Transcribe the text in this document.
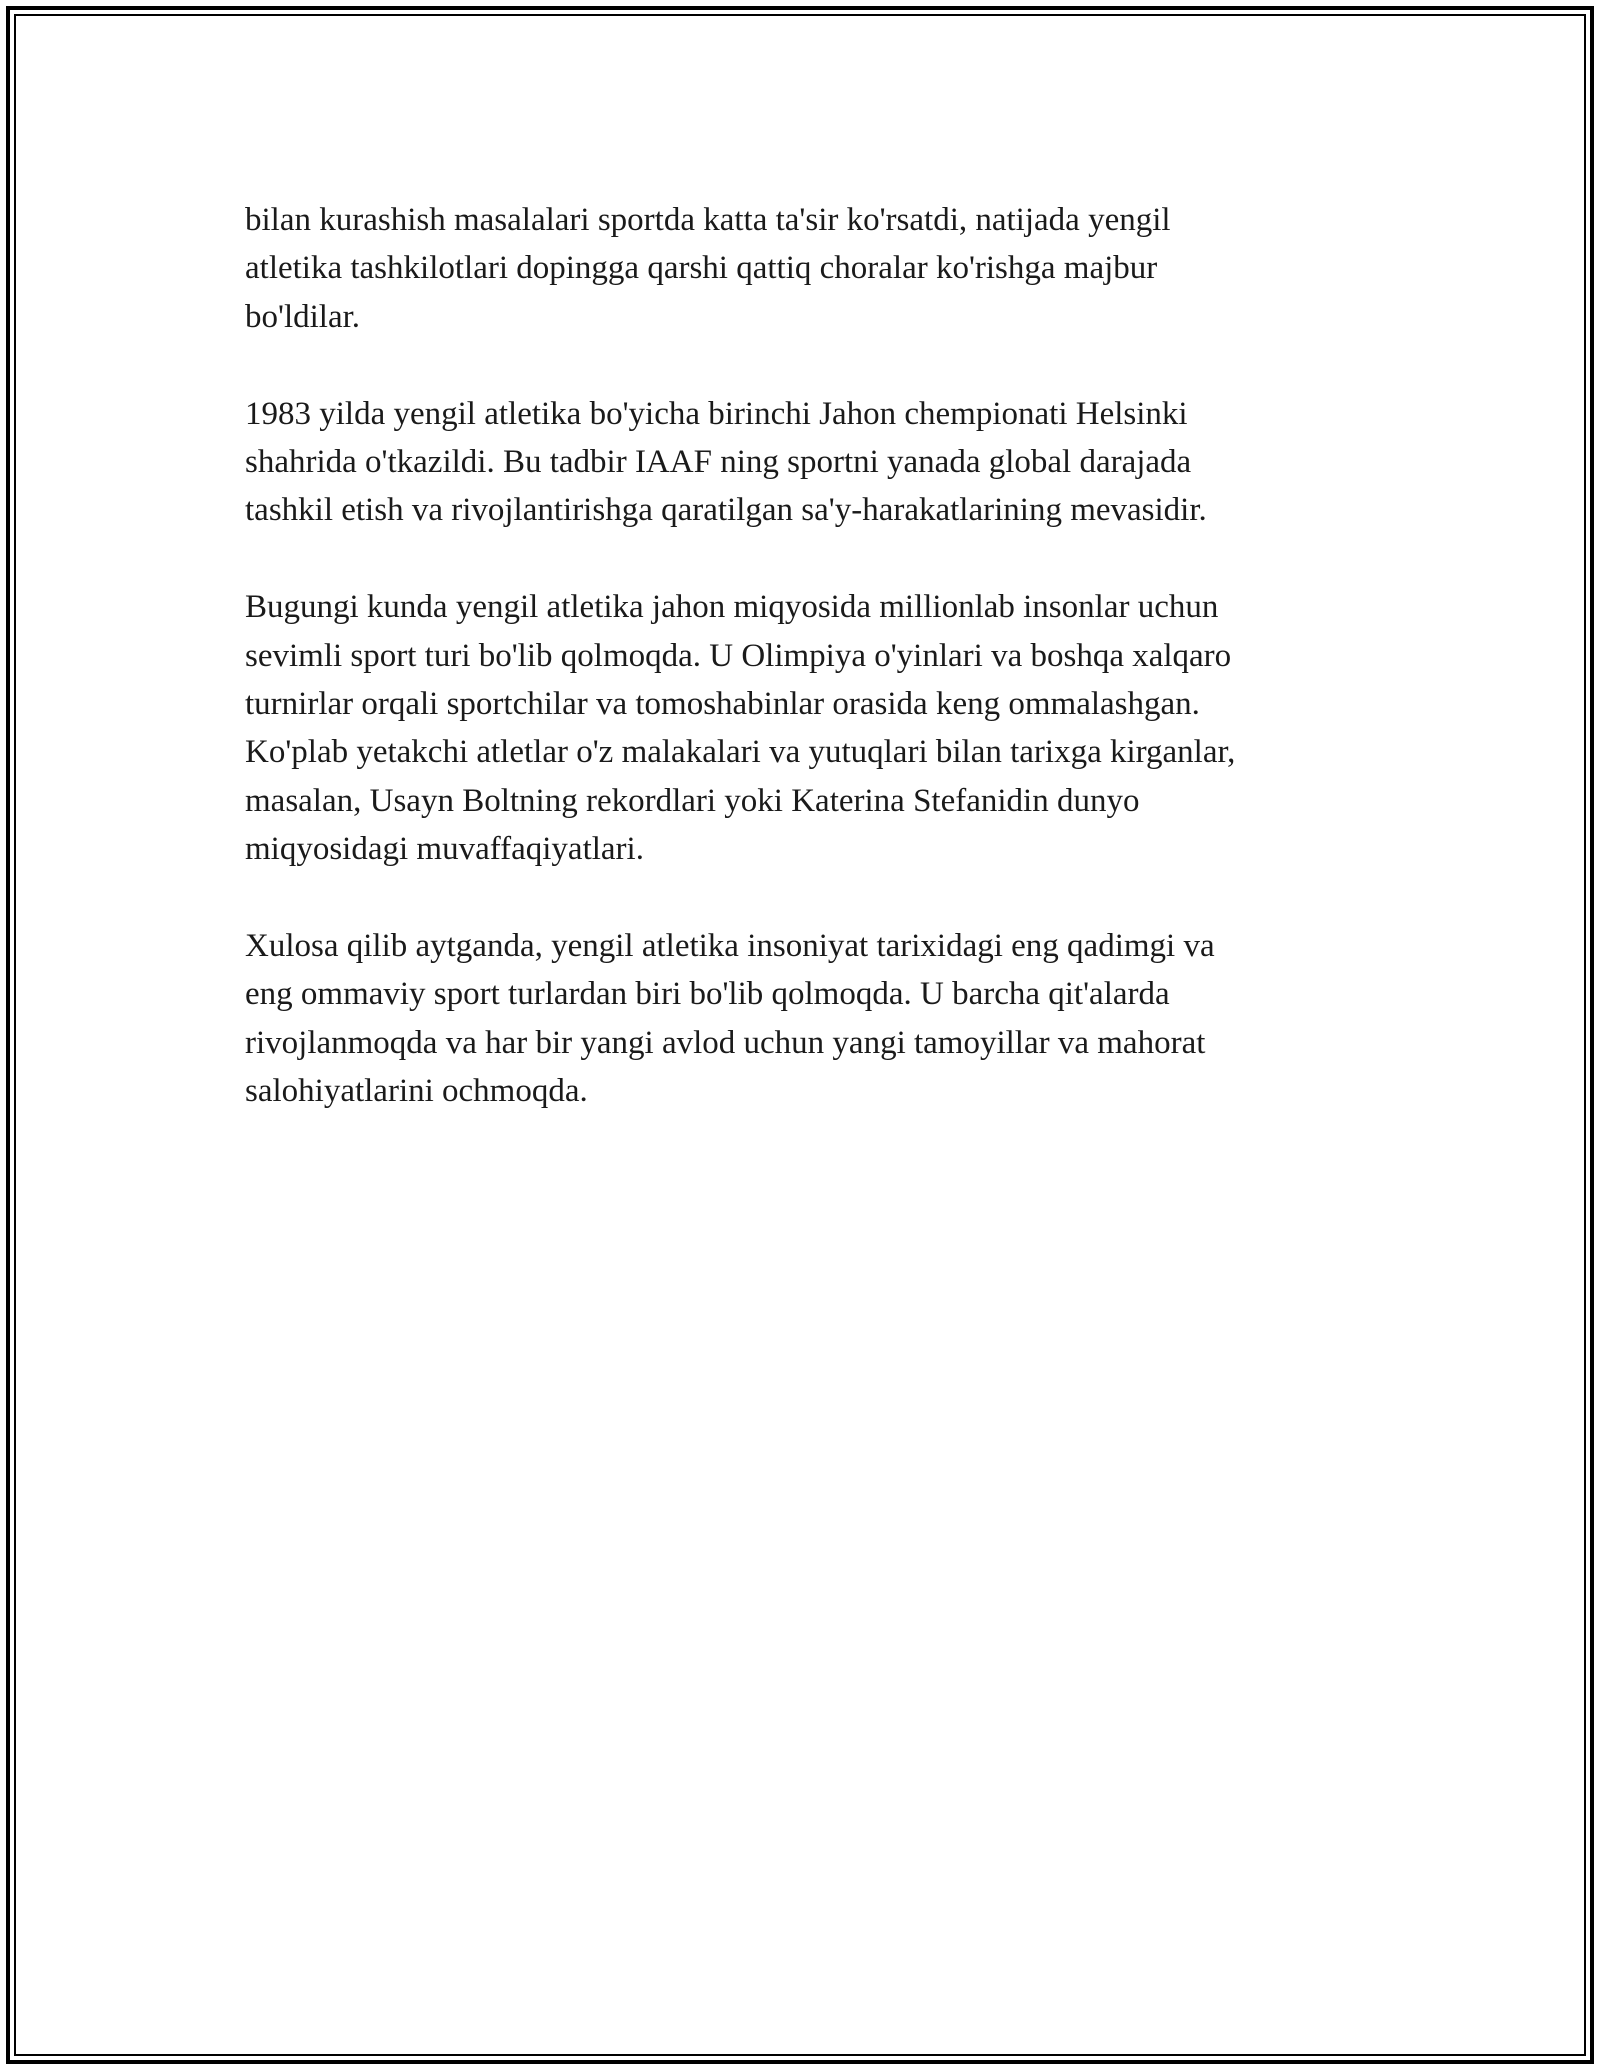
bilan kurashish masalalari sportda katta ta'sir ko'rsatdi, natijada yengil
atletika tashkilotlari dopingga qarshi qattiq choralar ko'rishga majbur
bo'ldilar.

1983 yilda yengil atletika bo'yicha birinchi Jahon chempionati Helsinki
shahrida o'tkazildi. Bu tadbir IAAF ning sportni yanada global darajada
tashkil etish va rivojlantirishga qaratilgan sa'y-harakatlarining mevasidir.

Bugungi kunda yengil atletika jahon miqyosida millionlab insonlar uchun
sevimli sport turi bo'lib qolmoqda. U Olimpiya o'yinlari va boshqa xalqaro
turnirlar orqali sportchilar va tomoshabinlar orasida keng ommalashgan.
Ko'plab yetakchi atletlar o'z malakalari va yutuqlari bilan tarixga kirganlar,
masalan, Usayn Boltning rekordlari yoki Katerina Stefanidin dunyo
miqyosidagi muvaffaqiyatlari.

Xulosa qilib aytganda, yengil atletika insoniyat tarixidagi eng qadimgi va
eng ommaviy sport turlardan biri bo'lib qolmoqda. U barcha qit'alarda
rivojlanmoqda va har bir yangi avlod uchun yangi tamoyillar va mahorat
salohiyatlarini ochmoqda.
